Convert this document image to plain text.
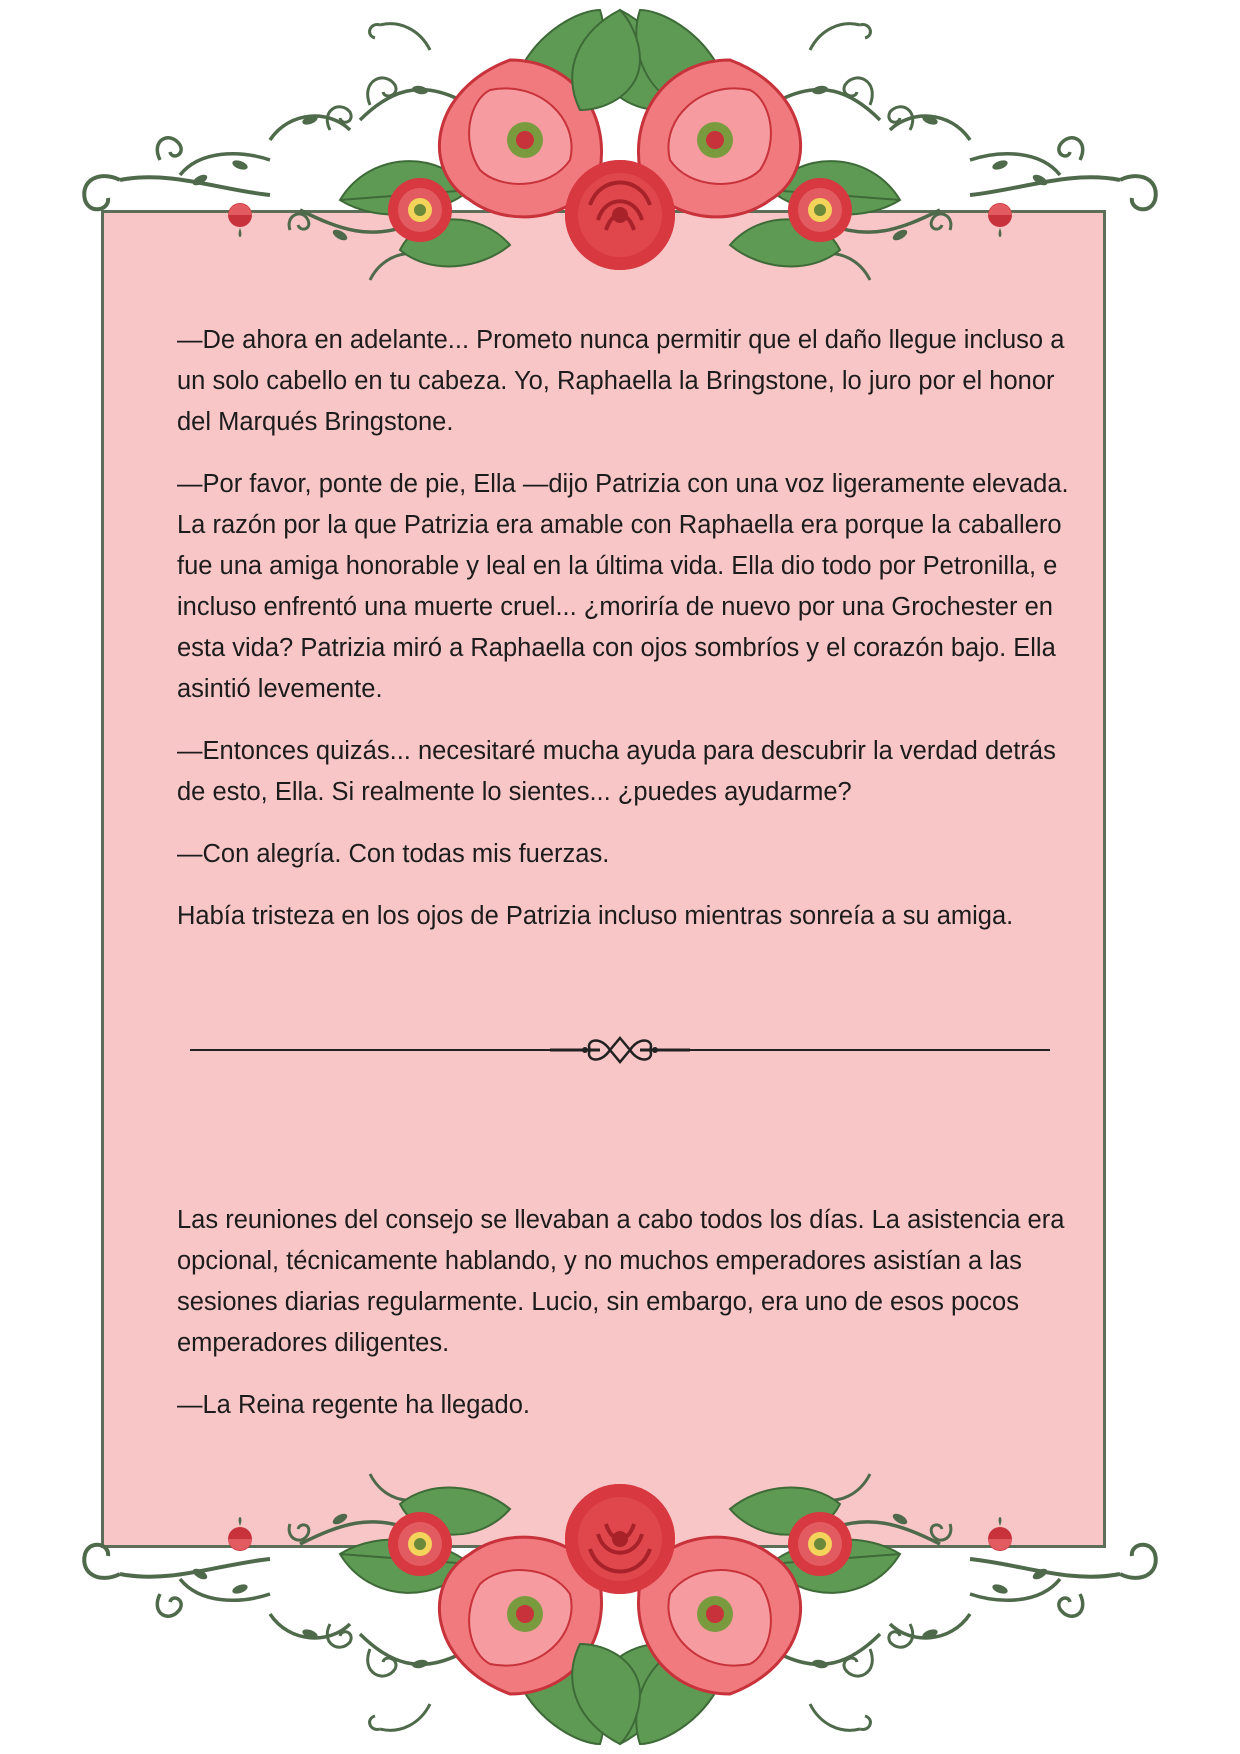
—De ahora en adelante... Prometo nunca permitir que el daño llegue incluso a un solo cabello en tu cabeza. Yo, Raphaella la Bringstone, lo juro por el honor del Marqués Bringstone.

—Por favor, ponte de pie, Ella —dijo Patrizia con una voz ligeramente elevada. La razón por la que Patrizia era amable con Raphaella era porque la caballero fue una amiga honorable y leal en la última vida. Ella dio todo por Petronilla, e incluso enfrentó una muerte cruel... ¿moriría de nuevo por una Grochester en esta vida? Patrizia miró a Raphaella con ojos sombríos y el corazón bajo. Ella asintió levemente.

—Entonces quizás... necesitaré mucha ayuda para descubrir la verdad detrás de esto, Ella. Si realmente lo sientes... ¿puedes ayudarme?

—Con alegría. Con todas mis fuerzas.

Había tristeza en los ojos de Patrizia incluso mientras sonreía a su amiga.

Las reuniones del consejo se llevaban a cabo todos los días. La asistencia era opcional, técnicamente hablando, y no muchos emperadores asistían a las sesiones diarias regularmente. Lucio, sin embargo, era uno de esos pocos emperadores diligentes.

—La Reina regente ha llegado.
